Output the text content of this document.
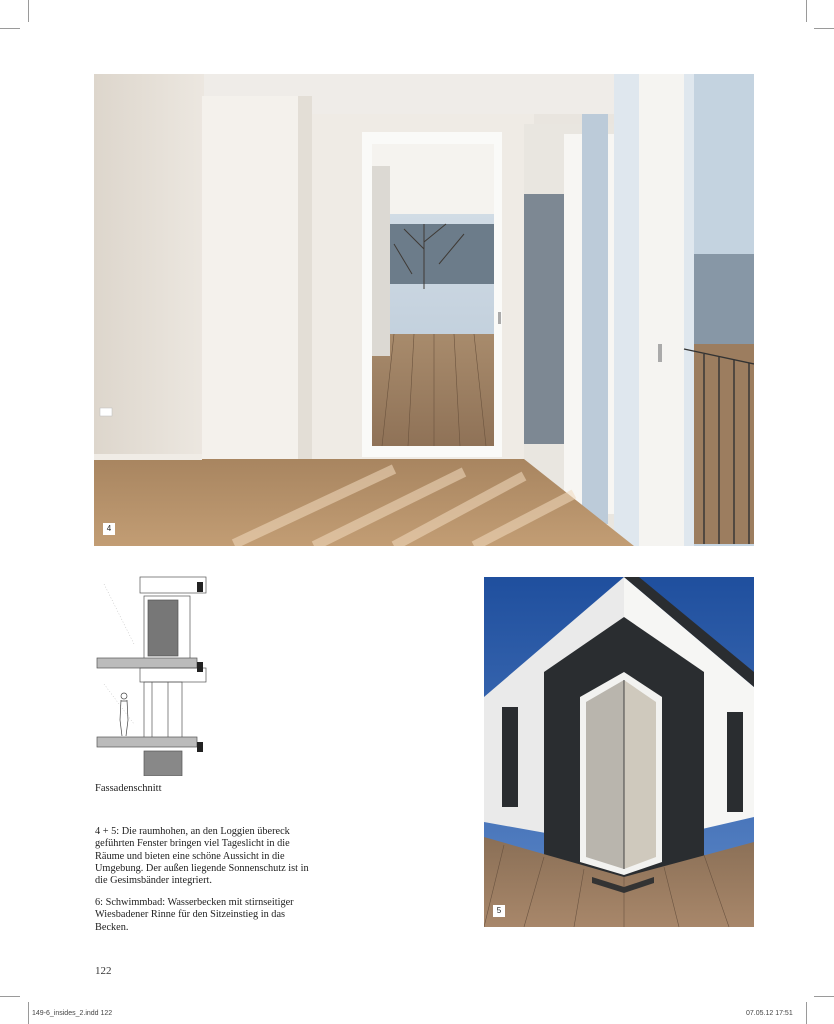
4
Fassadenschnitt

4 + 5: Die raumhohen, an den Loggien übereck geführten Fenster bringen viel Tageslicht in die Räume und bieten eine schöne Aussicht in die Umgebung. Der außen liegende Sonnenschutz ist in die Gesimsbänder integriert.

6: Schwimmbad: Wasserbecken mit stirnseitiger Wiesbadener Rinne für den Sitzeinstieg in das Becken.

5
122
149-6_insides_2.indd 122	07.05.12 17:51
